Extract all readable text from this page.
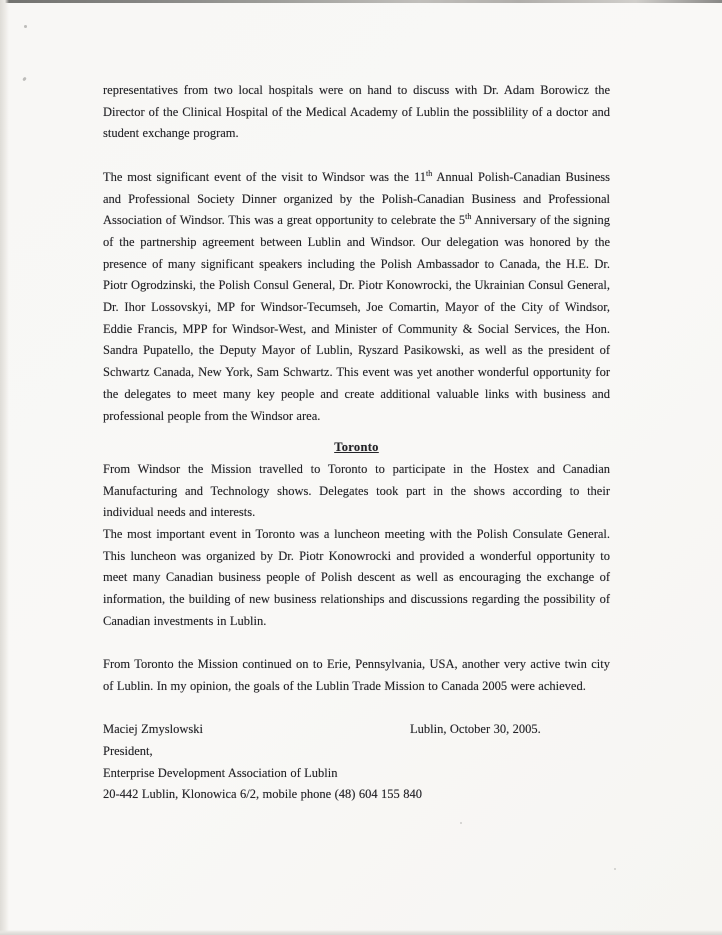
representatives from two local hospitals were on hand to discuss with Dr. Adam Borowicz the Director of the Clinical Hospital of the Medical Academy of Lublin the possiblility of a doctor and student exchange program.

The most significant event of the visit to Windsor was the 11th Annual Polish-Canadian Business and Professional Society Dinner organized by the Polish-Canadian Business and Professional Association of Windsor. This was a great opportunity to celebrate the 5th Anniversary of the signing of the partnership agreement between Lublin and Windsor. Our delegation was honored by the presence of many significant speakers including the Polish Ambassador to Canada, the H.E. Dr. Piotr Ogrodzinski, the Polish Consul General, Dr. Piotr Konowrocki, the Ukrainian Consul General, Dr. Ihor Lossovskyi, MP for Windsor-Tecumseh, Joe Comartin, Mayor of the City of Windsor, Eddie Francis, MPP for Windsor-West, and Minister of Community & Social Services, the Hon. Sandra Pupatello, the Deputy Mayor of Lublin, Ryszard Pasikowski, as well as the president of Schwartz Canada, New York, Sam Schwartz. This event was yet another wonderful opportunity for the delegates to meet many key people and create additional valuable links with business and professional people from the Windsor area.

Toronto

From Windsor the Mission travelled to Toronto to participate in the Hostex and Canadian Manufacturing and Technology shows. Delegates took part in the shows according to their individual needs and interests.

The most important event in Toronto was a luncheon meeting with the Polish Consulate General. This luncheon was organized by Dr. Piotr Konowrocki and provided a wonderful opportunity to meet many Canadian business people of Polish descent as well as encouraging the exchange of information, the building of new business relationships and discussions regarding the possibility of Canadian investments in Lublin.

From Toronto the Mission continued on to Erie, Pennsylvania, USA, another very active twin city of Lublin. In my opinion, the goals of the Lublin Trade Mission to Canada 2005 were achieved.

Maciej Zmyslowski	Lublin, October 30, 2005.
President,
Enterprise Development Association of Lublin
20-442 Lublin, Klonowica 6/2, mobile phone (48) 604 155 840
